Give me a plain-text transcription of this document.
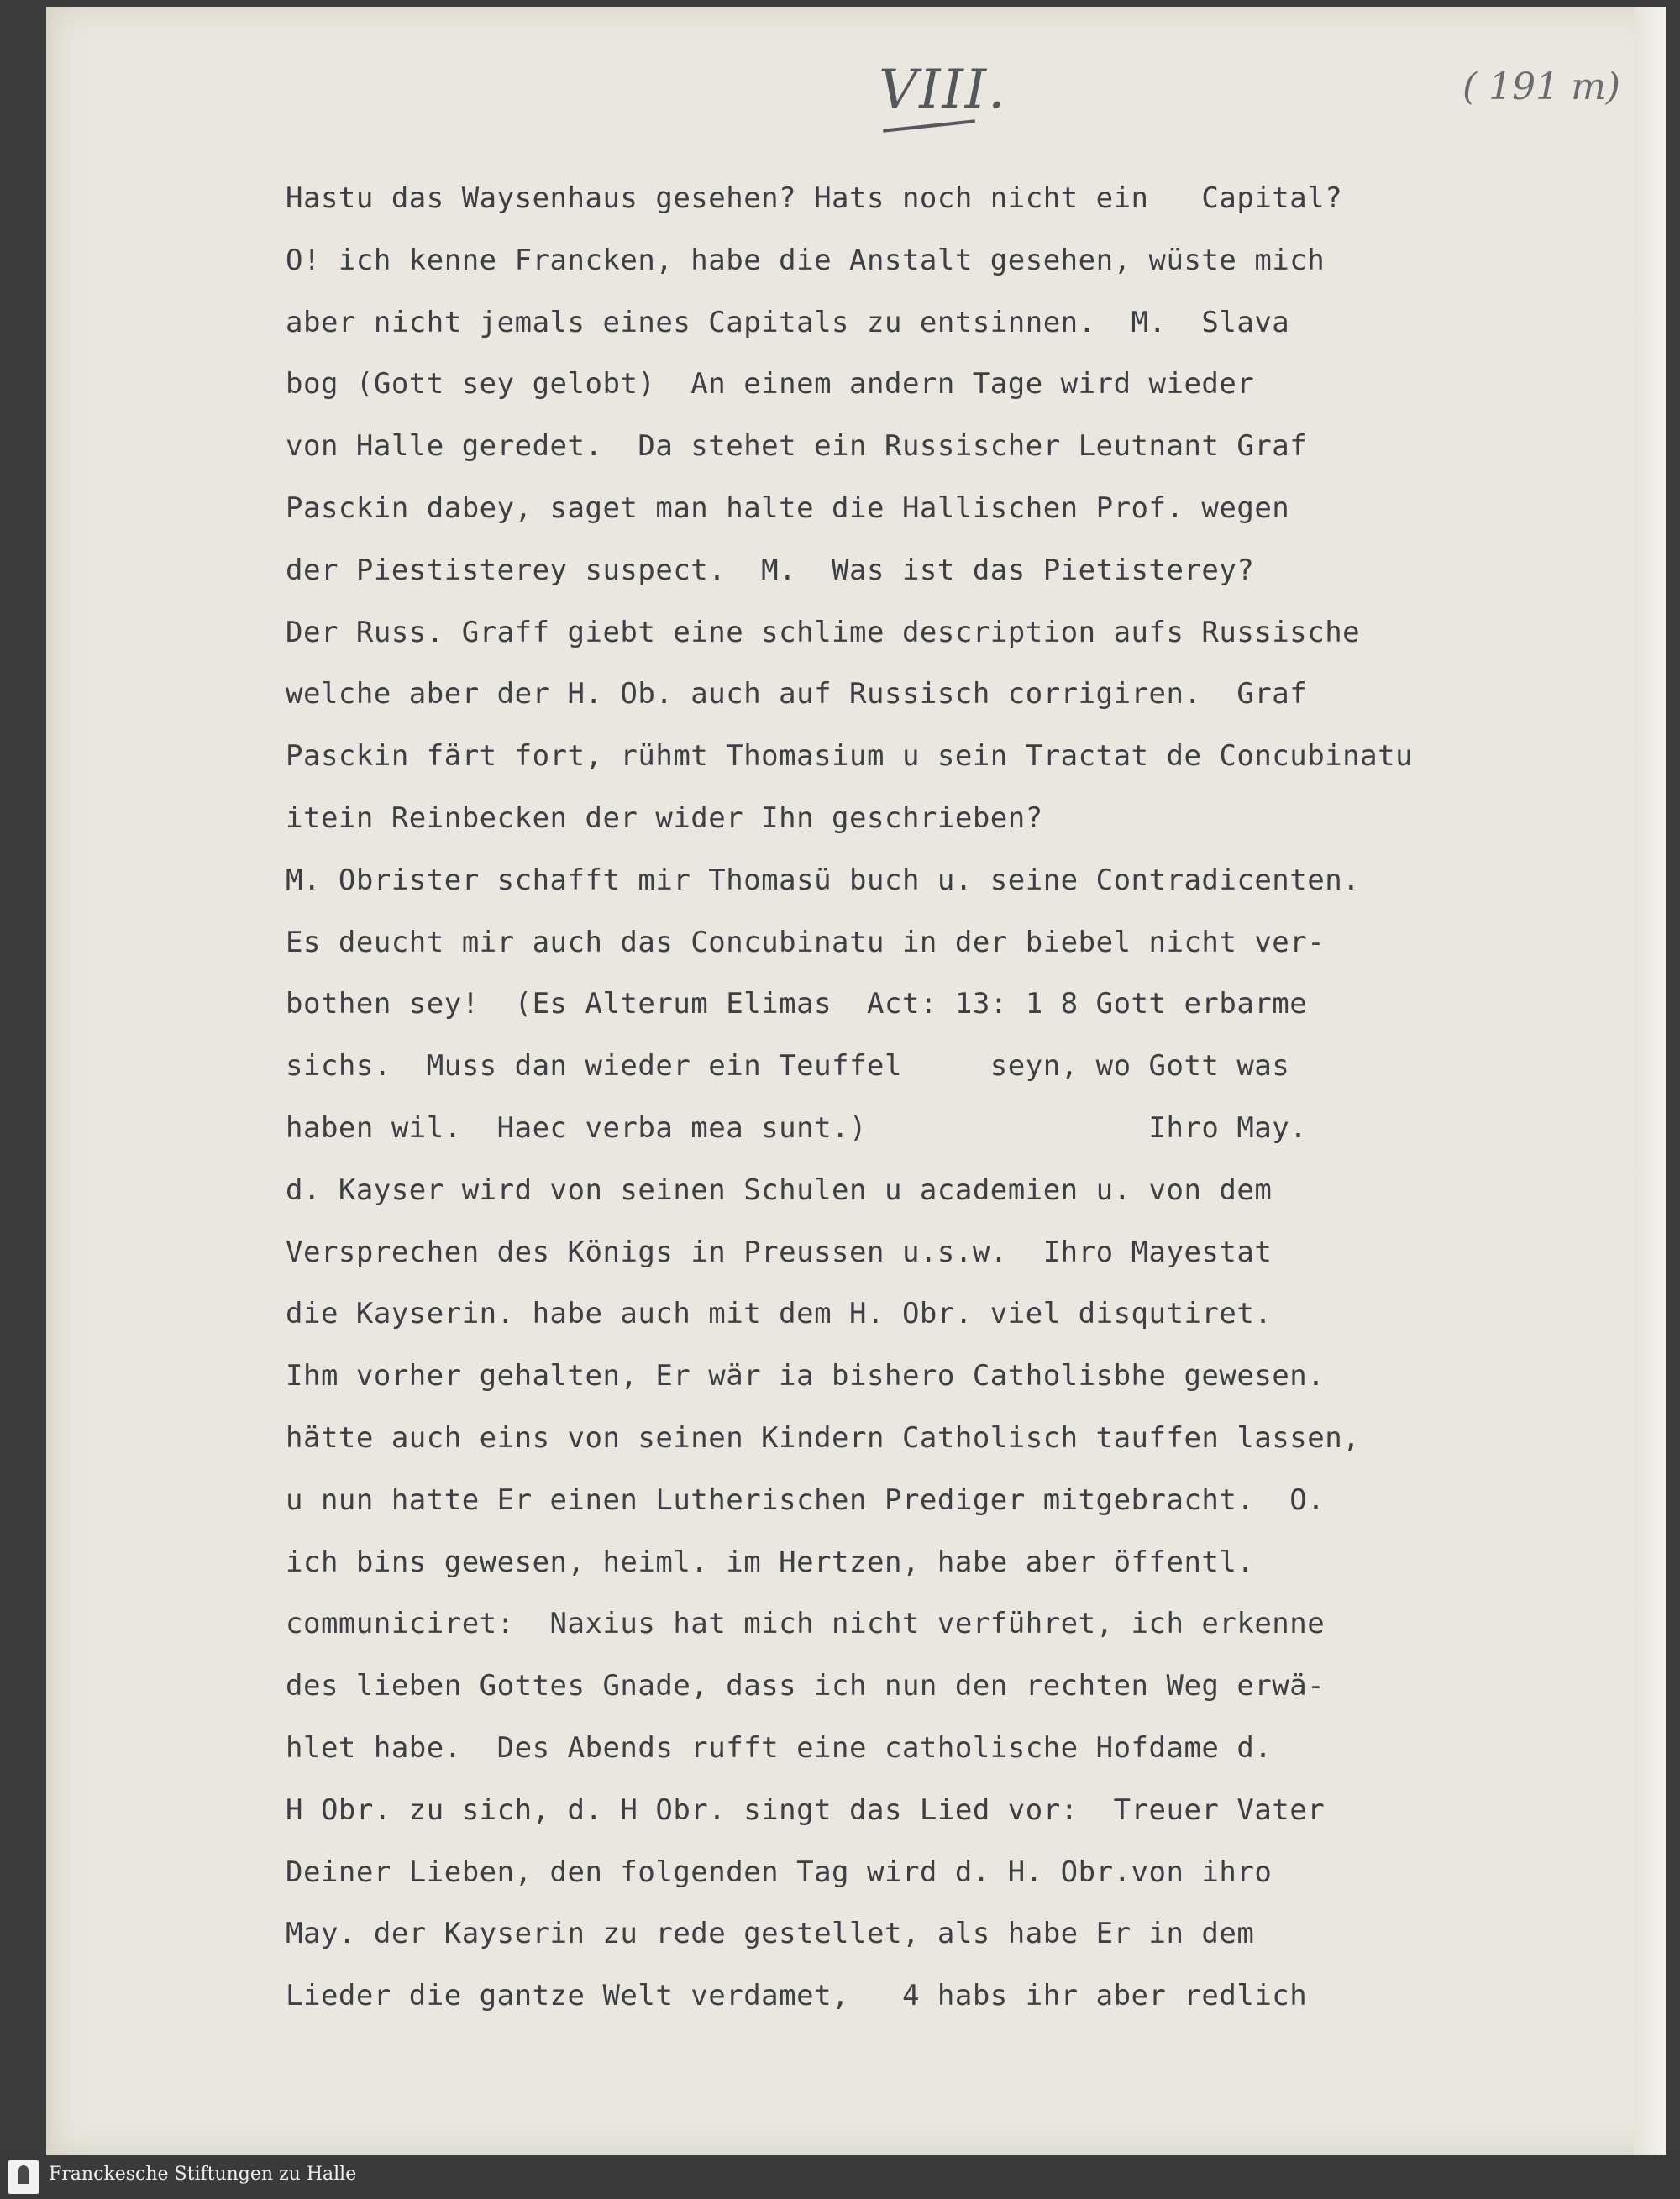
VIII.	( 191 m)
Hastu das Waysenhaus gesehen? Hats noch nicht ein   Capital?
O! ich kenne Francken, habe die Anstalt gesehen, wüste mich
aber nicht jemals eines Capitals zu entsinnen.  M.  Slava
bog (Gott sey gelobt)  An einem andern Tage wird wieder
von Halle geredet.  Da stehet ein Russischer Leutnant Graf
Pasckin dabey, saget man halte die Hallischen Prof. wegen
der Piestisterey suspect.  M.  Was ist das Pietisterey?
Der Russ. Graff giebt eine schlime description aufs Russische
welche aber der H. Ob. auch auf Russisch corrigiren.  Graf
Pasckin färt fort, rühmt Thomasium u sein Tractat de Concubinatu
itein Reinbecken der wider Ihn geschrieben?
M. Obrister schafft mir Thomasü buch u. seine Contradicenten.
Es deucht mir auch das Concubinatu in der biebel nicht ver-
bothen sey!  (Es Alterum Elimas  Act: 13: 1 8 Gott erbarme
sichs.  Muss dan wieder ein Teuffel     seyn, wo Gott was
haben wil.  Haec verba mea sunt.)                Ihro May.
d. Kayser wird von seinen Schulen u academien u. von dem
Versprechen des Königs in Preussen u.s.w.  Ihro Mayestat
die Kayserin. habe auch mit dem H. Obr. viel disqutiret.
Ihm vorher gehalten, Er wär ia bishero Catholisbhe gewesen.
hätte auch eins von seinen Kindern Catholisch tauffen lassen,
u nun hatte Er einen Lutherischen Prediger mitgebracht.  O.
ich bins gewesen, heiml. im Hertzen, habe aber öffentl.
communiciret:  Naxius hat mich nicht verführet, ich erkenne
des lieben Gottes Gnade, dass ich nun den rechten Weg erwä-
hlet habe.  Des Abends rufft eine catholische Hofdame d.
H Obr. zu sich, d. H Obr. singt das Lied vor:  Treuer Vater
Deiner Lieben, den folgenden Tag wird d. H. Obr.von ihro
May. der Kayserin zu rede gestellet, als habe Er in dem
Lieder die gantze Welt verdamet,   4 habs ihr aber redlich
Franckesche Stiftungen zu Halle
